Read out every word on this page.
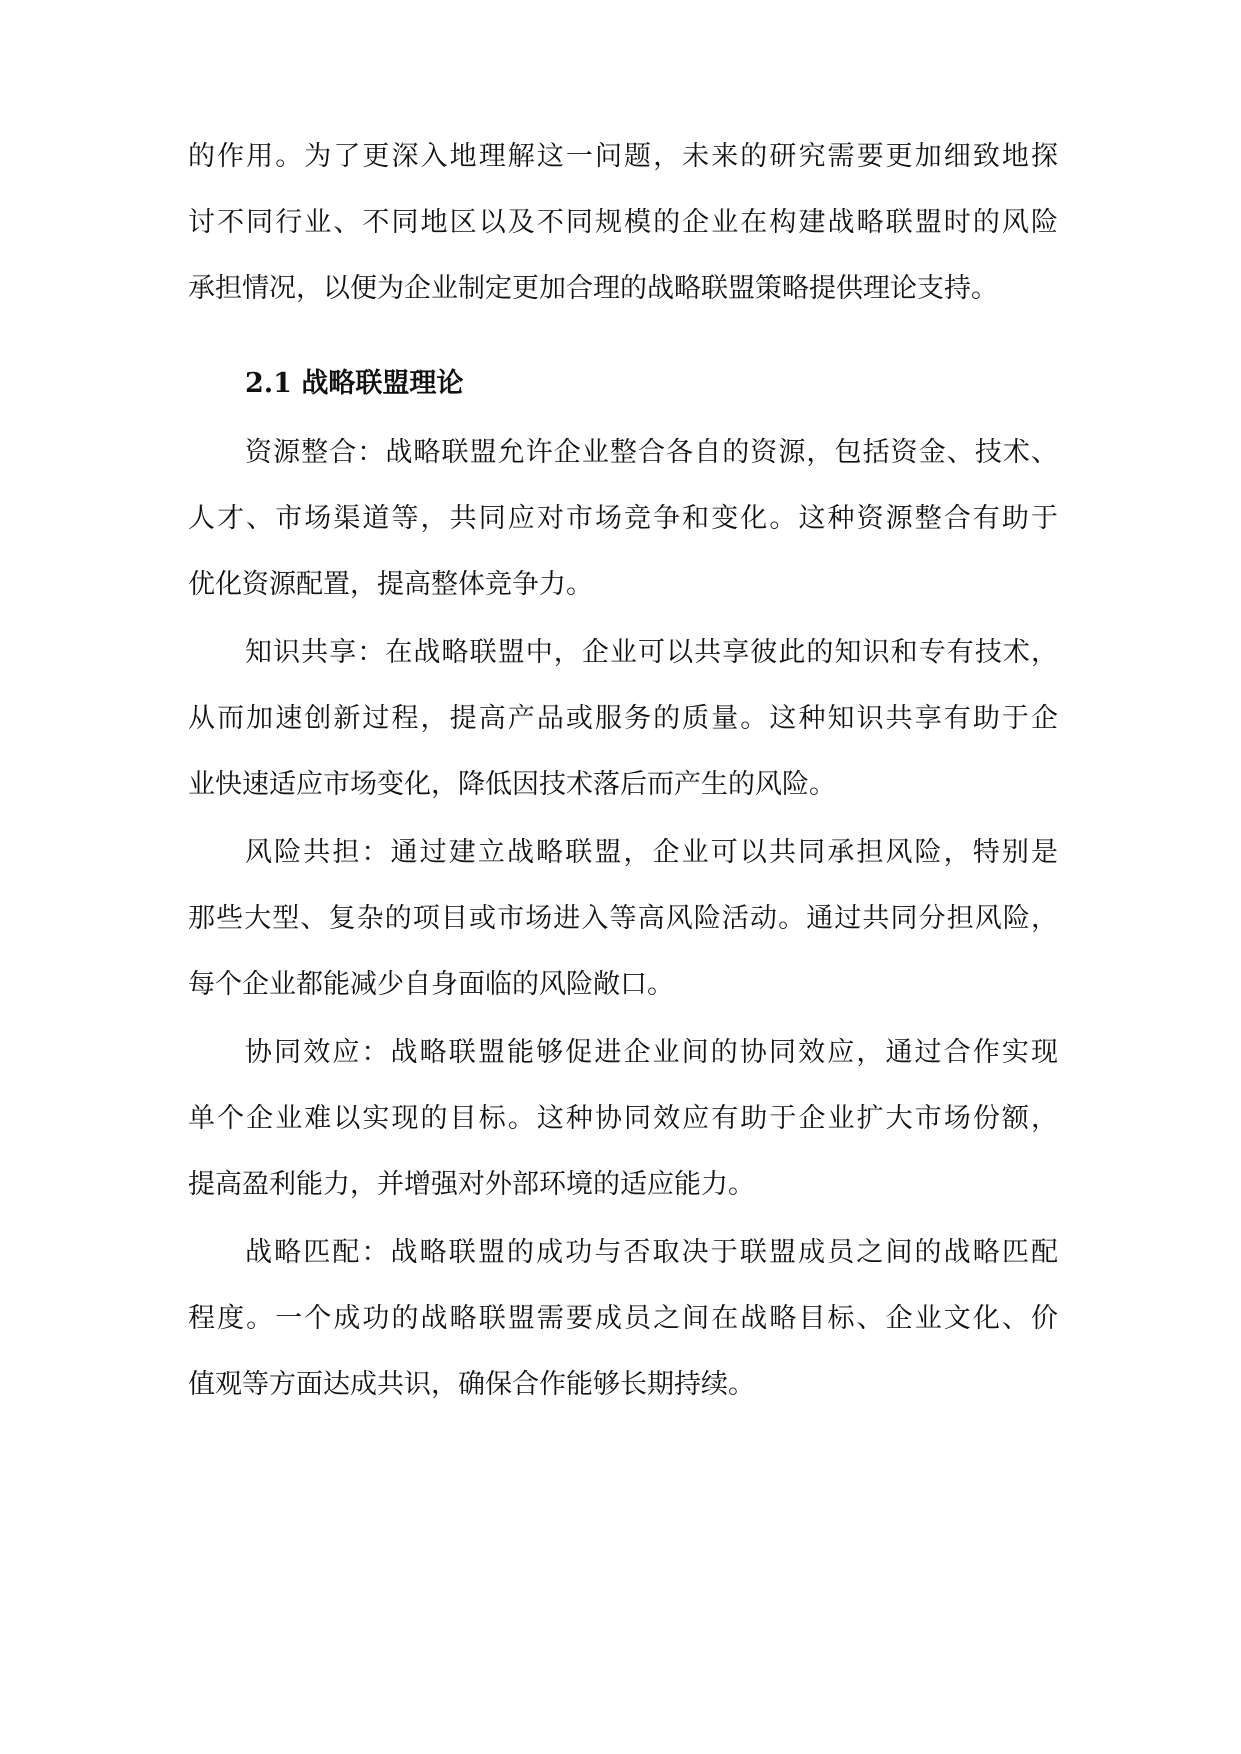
的作用。为了更深入地理解这一问题，未来的研究需要更加细致地探
讨不同行业、不同地区以及不同规模的企业在构建战略联盟时的风险
承担情况，以便为企业制定更加合理的战略联盟策略提供理论支持。
2.1 战略联盟理论
资源整合：战略联盟允许企业整合各自的资源，包括资金、技术、
人才、市场渠道等，共同应对市场竞争和变化。这种资源整合有助于
优化资源配置，提高整体竞争力。
知识共享：在战略联盟中，企业可以共享彼此的知识和专有技术，
从而加速创新过程，提高产品或服务的质量。这种知识共享有助于企
业快速适应市场变化，降低因技术落后而产生的风险。
风险共担：通过建立战略联盟，企业可以共同承担风险，特别是
那些大型、复杂的项目或市场进入等高风险活动。通过共同分担风险，
每个企业都能减少自身面临的风险敞口。
协同效应：战略联盟能够促进企业间的协同效应，通过合作实现
单个企业难以实现的目标。这种协同效应有助于企业扩大市场份额，
提高盈利能力，并增强对外部环境的适应能力。
战略匹配：战略联盟的成功与否取决于联盟成员之间的战略匹配
程度。一个成功的战略联盟需要成员之间在战略目标、企业文化、价
值观等方面达成共识，确保合作能够长期持续。
